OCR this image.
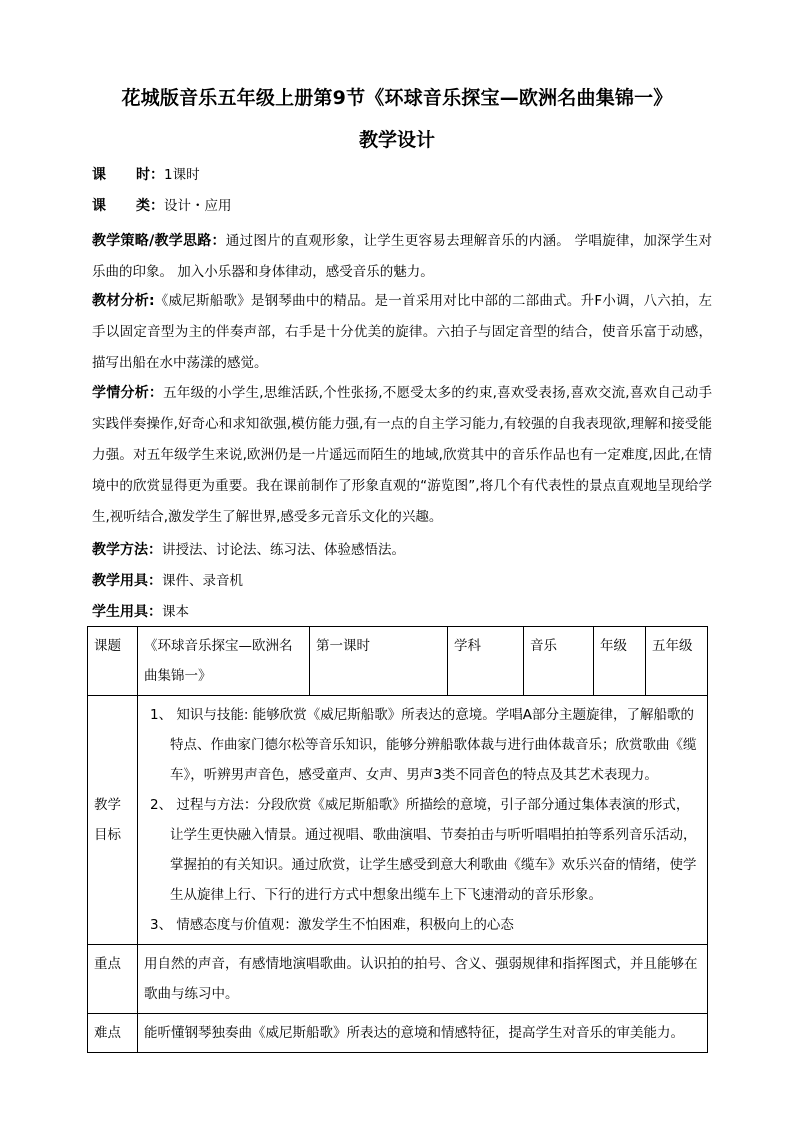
花城版音乐五年级上册第9节《环球音乐探宝—欧洲名曲集锦一》
教学设计
课 时：1课时
课 类：设计・应用
教学策略/教学思路：通过图片的直观形象，让学生更容易去理解音乐的内涵。 学唱旋律，加深学生对乐曲的印象。 加入小乐器和身体律动，感受音乐的魅力。
教材分析:《威尼斯船歌》是钢琴曲中的精品。是一首采用对比中部的二部曲式。升F小调，八六拍，左手以固定音型为主的伴奏声部，右手是十分优美的旋律。六拍子与固定音型的结合，使音乐富于动感，描写出船在水中荡漾的感觉。
学情分析：五年级的小学生,思维活跃,个性张扬,不愿受太多的约束,喜欢受表扬,喜欢交流,喜欢自己动手实践伴奏操作,好奇心和求知欲强,模仿能力强,有一点的自主学习能力,有较强的自我表现欲,理解和接受能力强。对五年级学生来说,欧洲仍是一片遥远而陌生的地域,欣赏其中的音乐作品也有一定难度,因此,在情境中的欣赏显得更为重要。我在课前制作了形象直观的“游览图”,将几个有代表性的景点直观地呈现给学生,视听结合,激发学生了解世界,感受多元音乐文化的兴趣。
教学方法：讲授法、讨论法、练习法、体验感悟法。
教学用具：课件、录音机
学生用具：课本
课题	《环球音乐探宝—欧洲名曲集锦一》	第一课时	学科	音乐	年级	五年级
教学目标	1、 知识与技能: 能够欣赏《威尼斯船歌》所表达的意境。学唱A部分主题旋律，了解船歌的特点、作曲家门德尔松等音乐知识，能够分辨船歌体裁与进行曲体裁音乐；欣赏歌曲《缆车》，听辨男声音色，感受童声、女声、男声3类不同音色的特点及其艺术表现力。

2、 过程与方法：分段欣赏《威尼斯船歌》所描绘的意境，引子部分通过集体表演的形式，让学生更快融入情景。通过视唱、歌曲演唱、节奏拍击与听听唱唱拍拍等系列音乐活动，掌握拍的有关知识。通过欣赏，让学生感受到意大利歌曲《缆车》欢乐兴奋的情绪，使学生从旋律上行、下行的进行方式中想象出缆车上下飞速滑动的音乐形象。

3、 情感态度与价值观：激发学生不怕困难，积极向上的心态					

重点	用自然的声音，有感情地演唱歌曲。认识拍的拍号、含义、强弱规律和指挥图式，并且能够在歌曲与练习中。					
难点	能听懂钢琴独奏曲《威尼斯船歌》所表达的意境和情感特征，提高学生对音乐的审美能力。					
